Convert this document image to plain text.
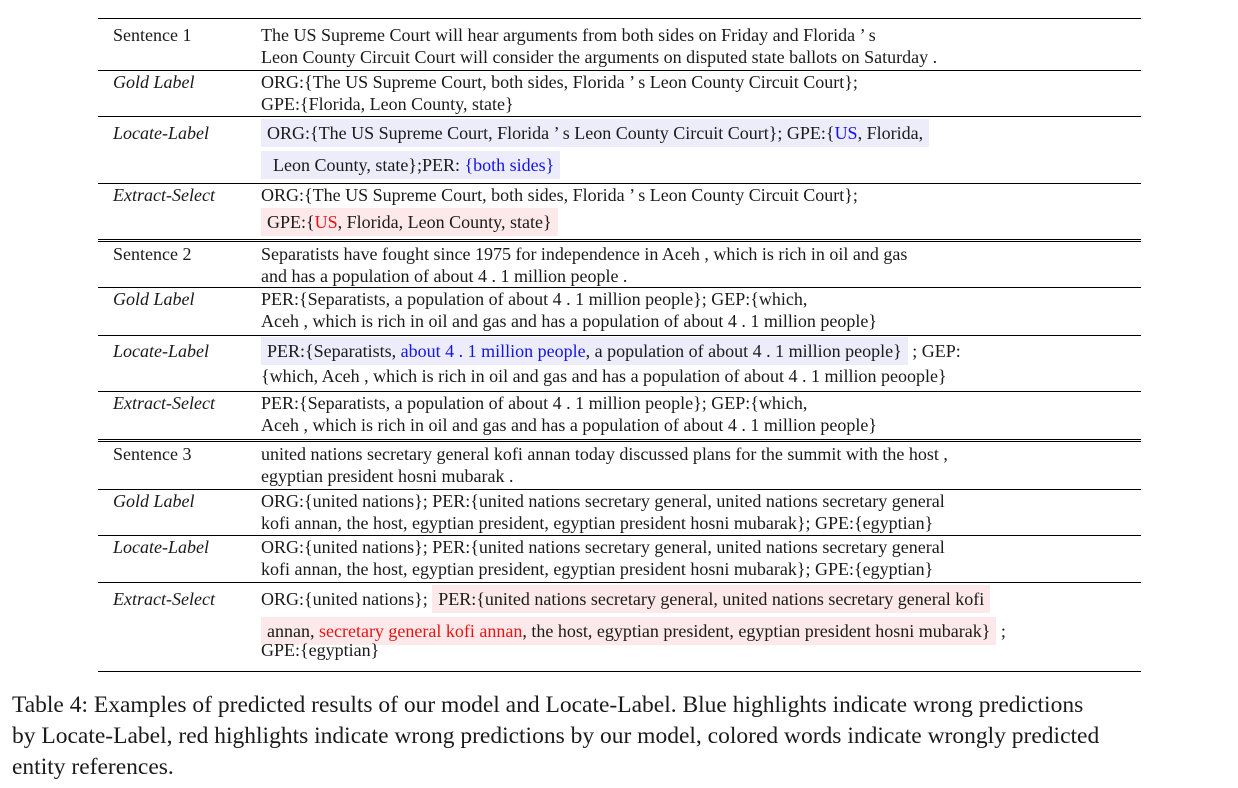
Sentence 1	The US Supreme Court will hear arguments from both sides on Friday and Florida ’ s
Leon County Circuit Court will consider the arguments on disputed state ballots on Saturday .
Gold Label	ORG:{The US Supreme Court, both sides, Florida ’ s Leon County Circuit Court};
GPE:{Florida, Leon County, state}
Locate-Label	ORG:{The US Supreme Court, Florida ’ s Leon County Circuit Court}; GPE:{US, Florida,
Leon County, state};PER: {both sides}
Extract-Select	ORG:{The US Supreme Court, both sides, Florida ’ s Leon County Circuit Court};
GPE:{US, Florida, Leon County, state}
Sentence 2	Separatists have fought since 1975 for independence in Aceh , which is rich in oil and gas
and has a population of about 4 . 1 million people .
Gold Label	PER:{Separatists, a population of about 4 . 1 million people}; GEP:{which,
Aceh , which is rich in oil and gas and has a population of about 4 . 1 million people}
Locate-Label	PER:{Separatists, about 4 . 1 million people, a population of about 4 . 1 million people} ; GEP:
{which, Aceh , which is rich in oil and gas and has a population of about 4 . 1 million peoople}
Extract-Select	PER:{Separatists, a population of about 4 . 1 million people}; GEP:{which,
Aceh , which is rich in oil and gas and has a population of about 4 . 1 million people}
Sentence 3	united nations secretary general kofi annan today discussed plans for the summit with the host ,
egyptian president hosni mubarak .
Gold Label	ORG:{united nations}; PER:{united nations secretary general, united nations secretary general
kofi annan, the host, egyptian president, egyptian president hosni mubarak}; GPE:{egyptian}
Locate-Label	ORG:{united nations}; PER:{united nations secretary general, united nations secretary general
kofi annan, the host, egyptian president, egyptian president hosni mubarak}; GPE:{egyptian}
Extract-Select	ORG:{united nations}; PER:{united nations secretary general, united nations secretary general kofi
annan, secretary general kofi annan, the host, egyptian president, egyptian president hosni mubarak} ;
GPE:{egyptian}
Table 4: Examples of predicted results of our model and Locate-Label. Blue highlights indicate wrong predictions
by Locate-Label, red highlights indicate wrong predictions by our model, colored words indicate wrongly predicted
entity references.
